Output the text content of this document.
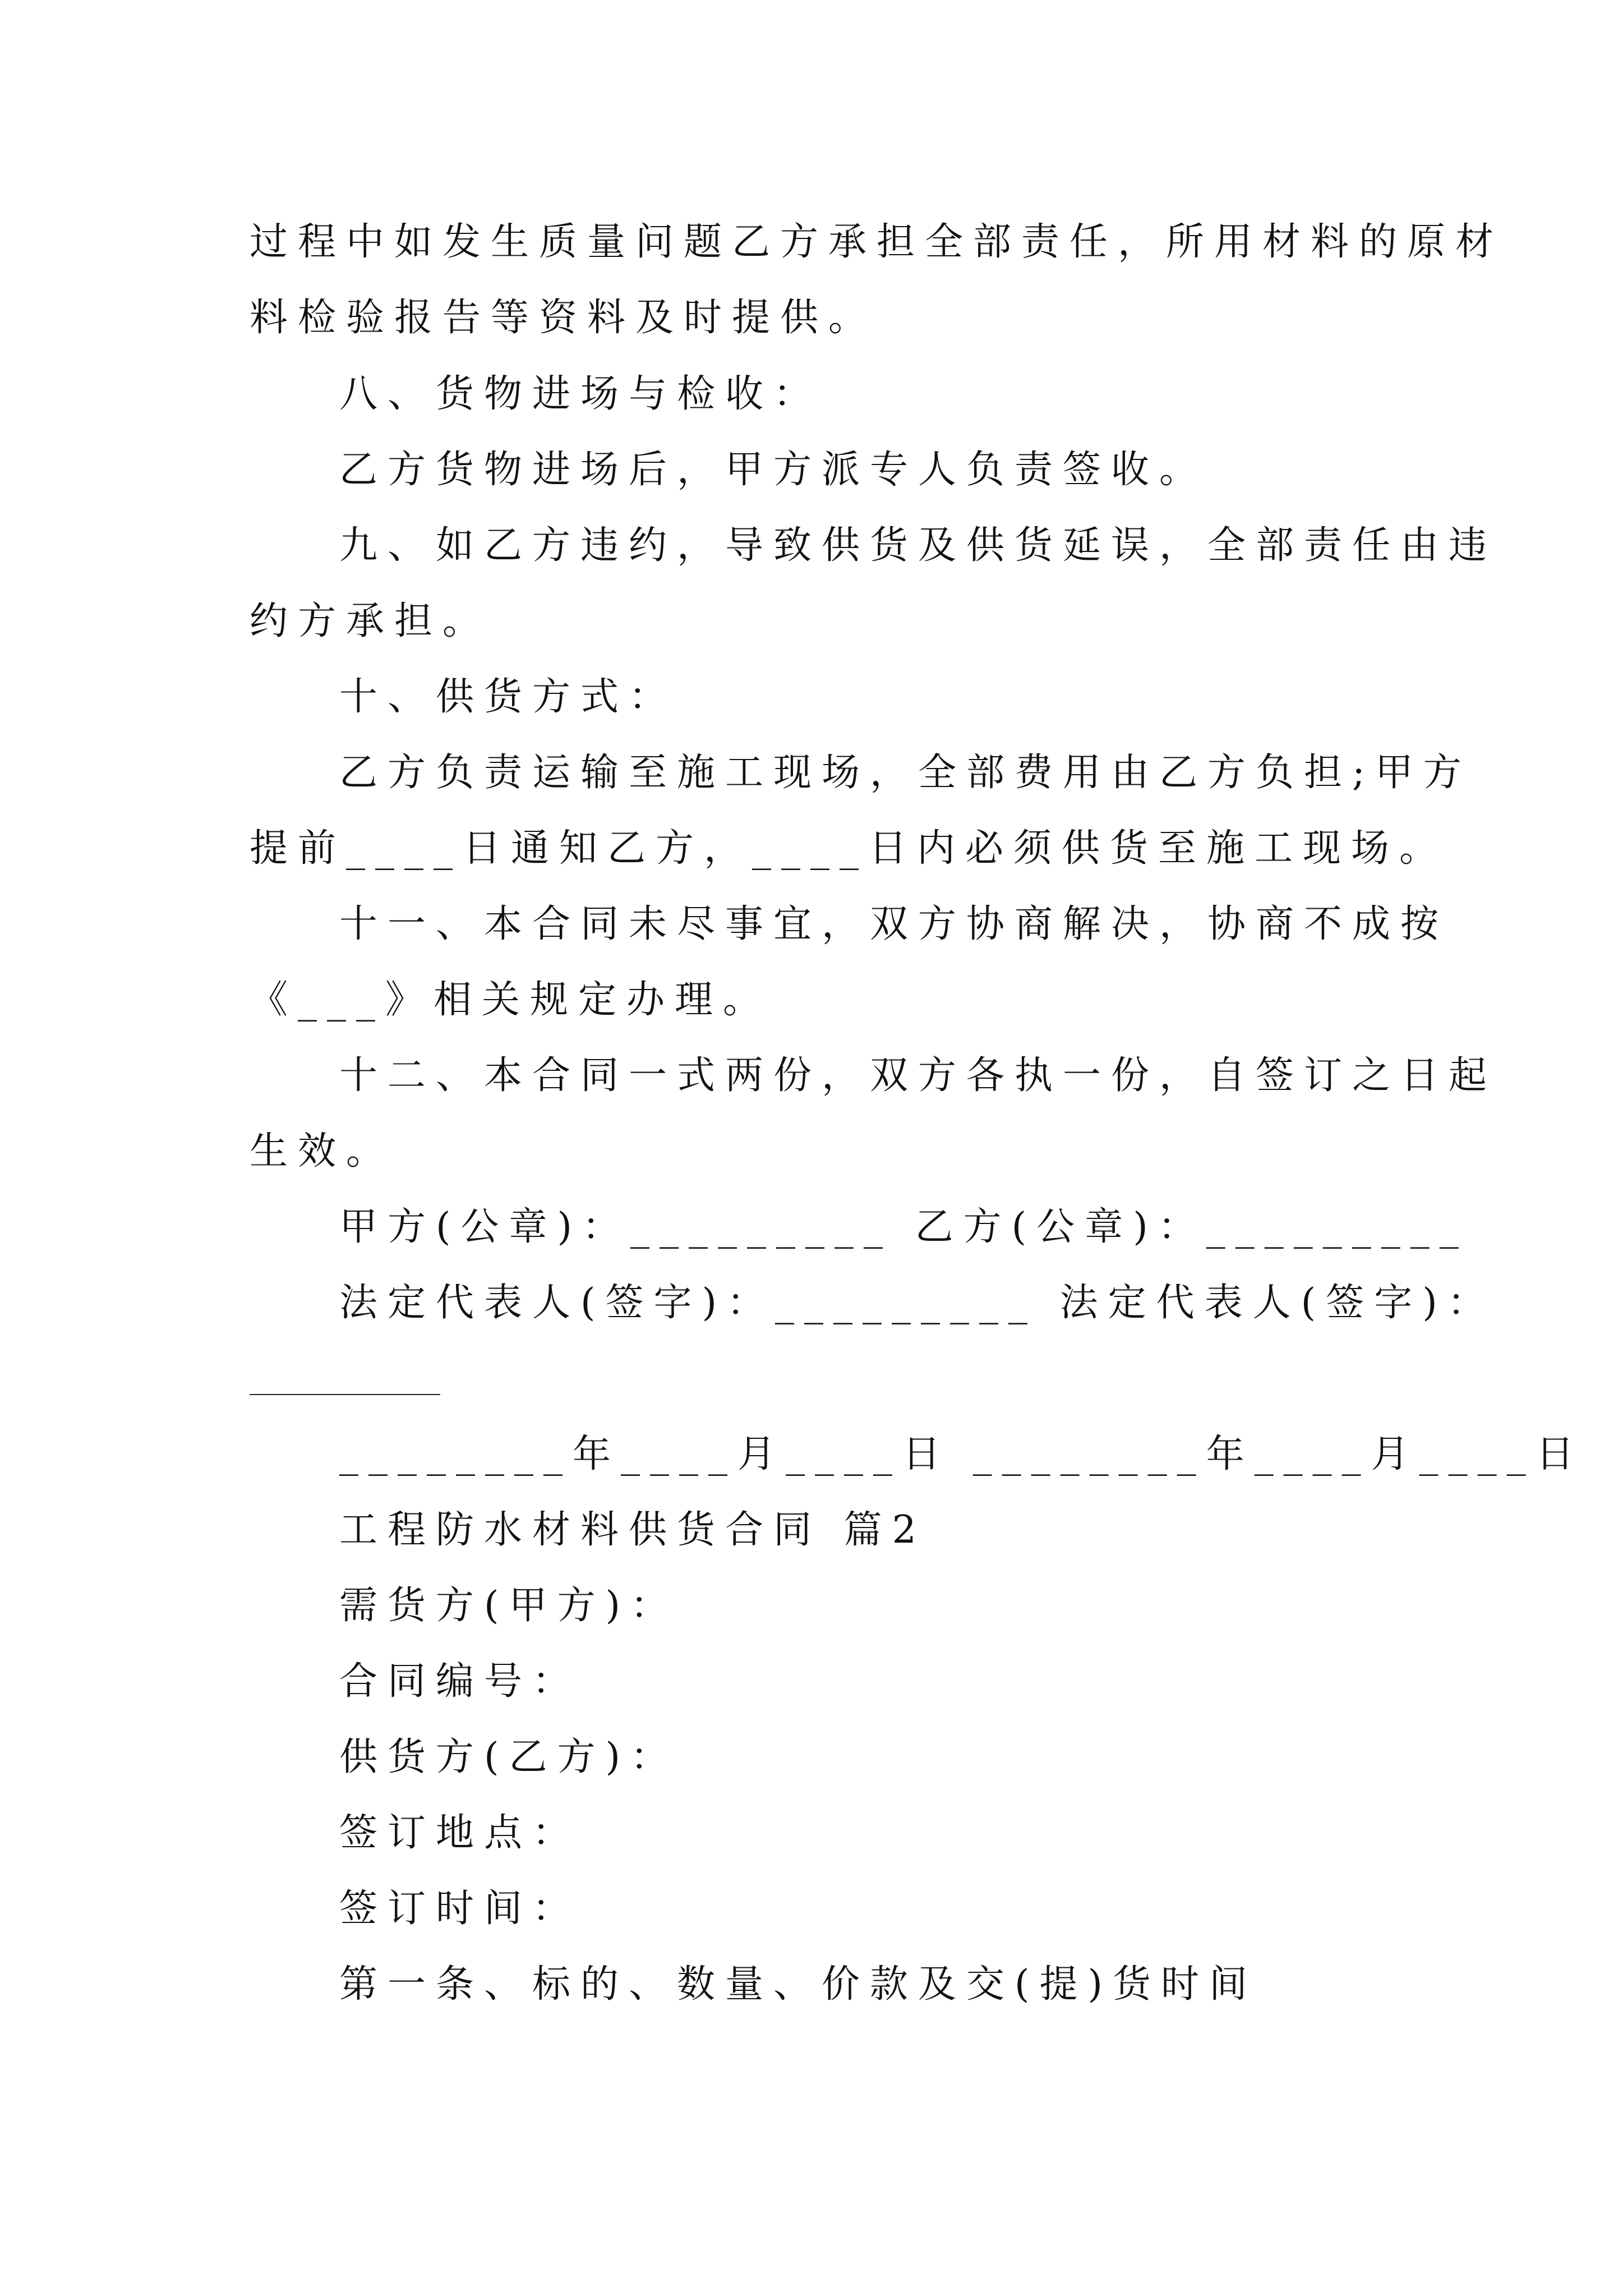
过程中如发生质量问题乙方承担全部责任，所用材料的原材
料检验报告等资料及时提供。
八、货物进场与检收：
乙方货物进场后，甲方派专人负责签收。
九、如乙方违约，导致供货及供货延误，全部责任由违
约方承担。
十、供货方式：
乙方负责运输至施工现场，全部费用由乙方负担;甲方
提前____日通知乙方，____日内必须供货至施工现场。
十一、本合同未尽事宜，双方协商解决，协商不成按
《___》相关规定办理。
十二、本合同一式两份，双方各执一份，自签订之日起
生效。
甲方(公章)：_________ 乙方(公章)：_________
法定代表人(签字)：_________ 法定代表人(签字)：
________年____月____日 ________年____月____日
工程防水材料供货合同 篇2
需货方(甲方)：
合同编号：
供货方(乙方)：
签订地点：
签订时间：
第一条、标的、数量、价款及交(提)货时间
